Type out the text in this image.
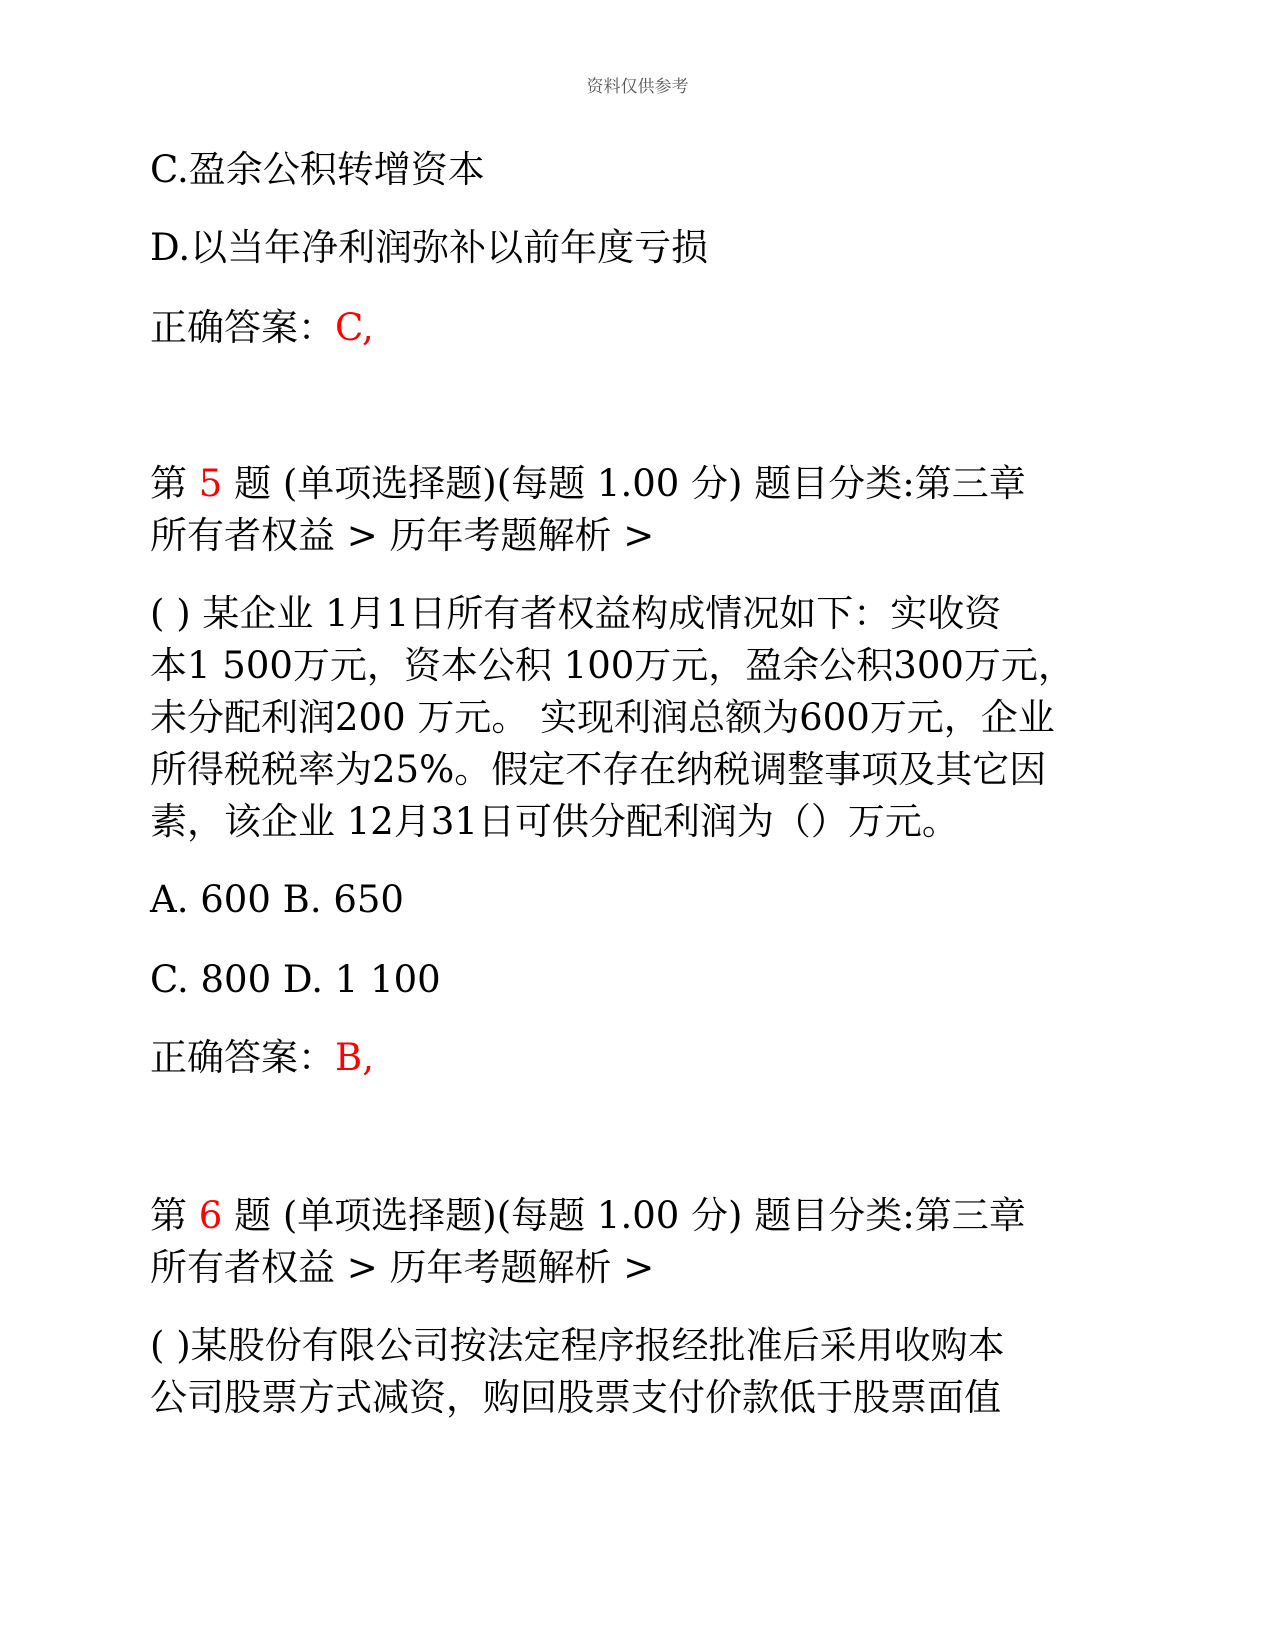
资料仅供参考
C.盈余公积转增资本
D.以当年净利润弥补以前年度亏损
正确答案：C,
第 5 题 (单项选择题)(每题 1.00 分) 题目分类:第三章
所有者权益 > 历年考题解析 >
( ) 某企业 1月1日所有者权益构成情况如下：实收资
本1 500万元，资本公积 100万元，盈余公积300万元，
未分配利润200 万元。 实现利润总额为600万元，企业
所得税税率为25%。假定不存在纳税调整事项及其它因
素，该企业 12月31日可供分配利润为（）万元。
A. 600 B. 650
C. 800 D. 1 100
正确答案：B,
第 6 题 (单项选择题)(每题 1.00 分) 题目分类:第三章
所有者权益 > 历年考题解析 >
( )某股份有限公司按法定程序报经批准后采用收购本
公司股票方式减资，购回股票支付价款低于股票面值
